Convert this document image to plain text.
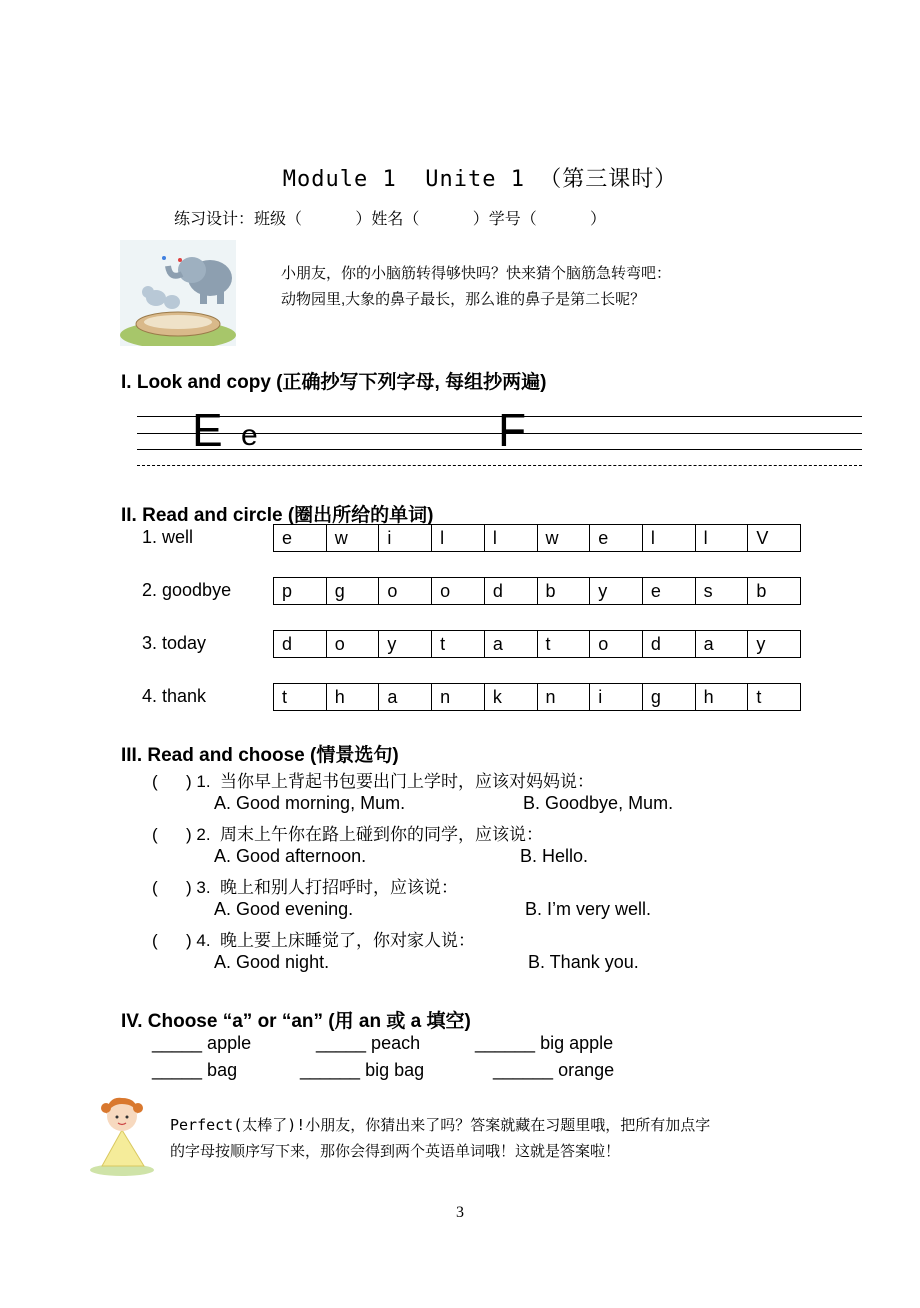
Module 1  Unite 1 （第三课时）
练习设计：班级（            ）姓名（            ）学号（            ）
小朋友，你的小脑筋转得够快吗？快来猜个脑筋急转弯吧：
动物园里,大象的鼻子最长，那么谁的鼻子是第二长呢？
I. Look and copy (正确抄写下列字母, 每组抄两遍)
E e	F
II. Read and circle (圈出所给的单词)
1. well	e	w	i	l	l	w	e	l	l	V
2. goodbye	p	g	o	o	d	b	y	e	s	b
3. today	d	o	y	t	a	t	o	d	a	y
4. thank	t	h	a	n	k	n	i	g	h	t
III. Read and choose (情景选句)
(      ) 1.  当你早上背起书包要出门上学时，应该对妈妈说：
A. Good morning, Mum.	B. Goodbye, Mum.
(      ) 2.  周末上午你在路上碰到你的同学，应该说：
A. Good afternoon.	B. Hello.
(      ) 3.  晚上和别人打招呼时，应该说：
A. Good evening.	B. I’m very well.
(      ) 4.  晚上要上床睡觉了，你对家人说：
A. Good night.	B. Thank you.
IV. Choose “a” or “an” (用 an 或 a 填空)
_____ apple	_____ peach	______ big apple
_____ bag	______ big bag	______ orange
Perfect(太棒了)!小朋友，你猜出来了吗？答案就藏在习题里哦，把所有加点字
的字母按顺序写下来，那你会得到两个英语单词哦！这就是答案啦！
3
